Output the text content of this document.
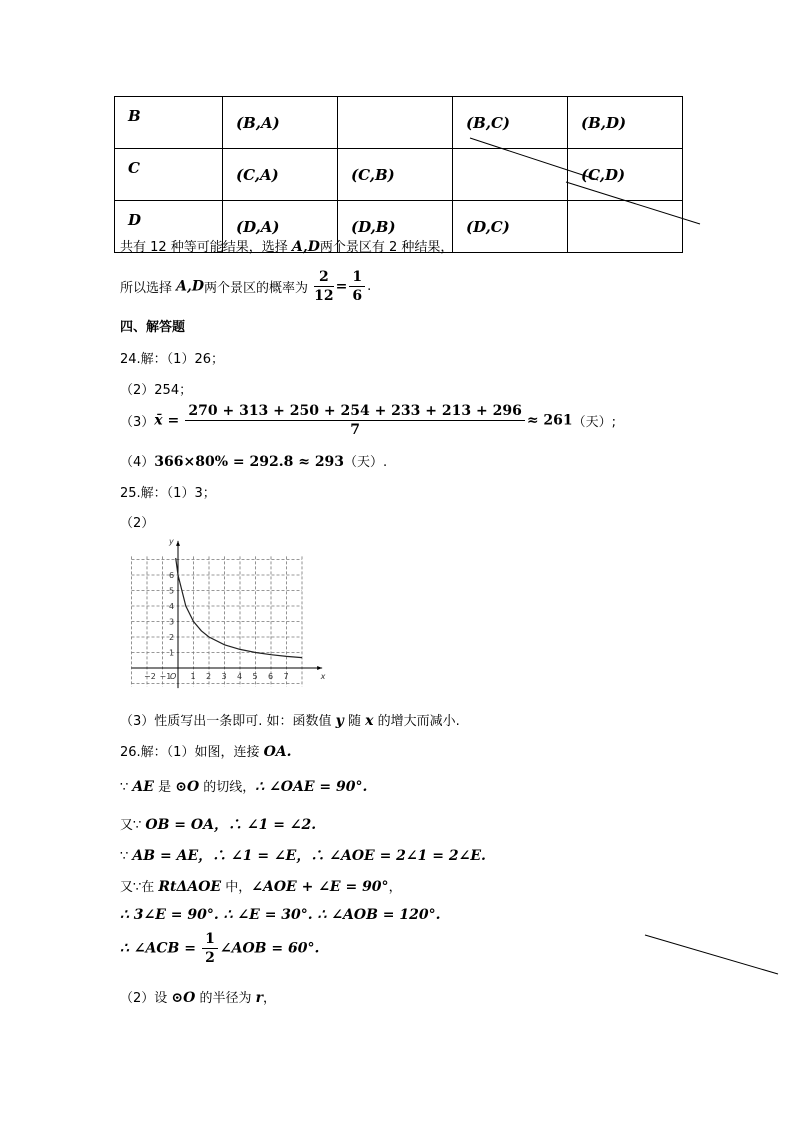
B	(B,A)		(B,C)	(B,D)
C	(C,A)	(C,B)		(C,D)
D	(D,A)	(D,B)	(D,C)	
共有 12 种等可能结果，选择 A,D两个景区有 2 种结果，
所以选择 A,D两个景区的概率为 $\frac{2}{12} = \frac{1}{6}$ .
四、解答题
24.解：（1）26；
（2）254；
（3）x̄ = $\frac{270 + 313 + 250 + 254 + 233 + 213 + 296}{7} \approx 261$（天）;
（4）366×80% = 292.8 ≈ 293（天）.
25.解：（1）3；
（2）
x
y
O
−2 −1 1 2 3 4 5 6 7
1
2
3
4
5
6
（3）性质写出一条即可. 如：函数值 y 随 x 的增大而减小.
26.解：（1）如图，连接 OA.
∵ AE 是 ⊙O 的切线，∴ ∠OAE = 90°.
又∵ OB = OA，∴ ∠1 = ∠2.
∵ AB = AE，∴ ∠1 = ∠E，∴ ∠AOE = 2∠1 = 2∠E.
又∵在 RtΔAOE 中，∠AOE + ∠E = 90°，
∴ 3∠E = 90°. ∴ ∠E = 30°. ∴ ∠AOB = 120°.
∴ ∠ACB = $\frac{1}{2}$ ∠AOB = 60°.
（2）设 ⊙O 的半径为 r，
